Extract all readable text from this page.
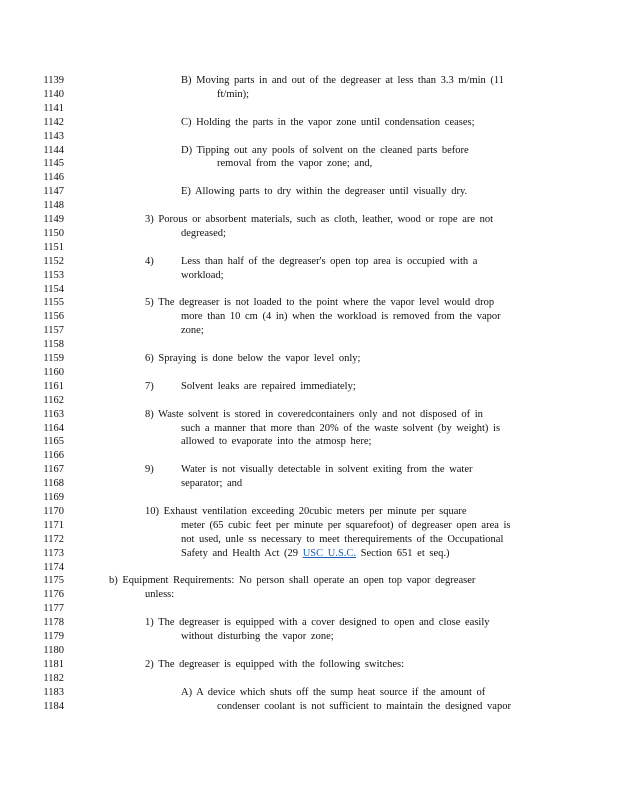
1139
1140
1141
1142
1143
1144
1145
1146
1147
1148
1149
1150
1151
1152
1153
1154
1155
1156
1157
1158
1159
1160
1161
1162
1163
1164
1165
1166
1167
1168
1169
1170
1171
1172
1173
1174
1175
1176
1177
1178
1179
1180
1181
1182
1183
1184
B) Moving parts in and out of the degreaser at less than 3.3 m/min (11
ft/min);
C) Holding the parts in the vapor zone until condensation ceases;
D) Tipping out any pools of solvent on the cleaned parts before
removal from the vapor zone; and,
E) Allowing parts to dry within the degreaser until visually dry.
3) Porous or absorbent materials, such as cloth, leather, wood or rope are not
degreased;
4)	Less than half of the degreaser's open top area is occupied with a
workload;
5) The degreaser is not loaded to the point where the vapor level would drop
more than 10 cm (4 in) when the workload is removed from the vapor
zone;
6) Spraying is done below the vapor level only;
7)	Solvent leaks are repaired immediately;
8) Waste solvent is stored in coveredcontainers only and not disposed of in
such a manner that more than 20% of the waste solvent (by weight) is
allowed to evaporate into the atmosp here;
9)	Water is not visually detectable in solvent exiting from the water
separator; and
10) Exhaust ventilation exceeding 20cubic meters per minute per square
meter (65 cubic feet per minute per squarefoot) of degreaser open area is
not used, unle ss necessary to meet therequirements of the Occupational
Safety and Health Act (29 USC U.S.C. Section 651 et seq.)
b) Equipment Requirements: No person shall operate an open top vapor degreaser
unless:
1) The degreaser is equipped with a cover designed to open and close easily
without disturbing the vapor zone;
2) The degreaser is equipped with the following switches:
A) A device which shuts off the sump heat source if the amount of
condenser coolant is not sufficient to maintain the designed vapor
